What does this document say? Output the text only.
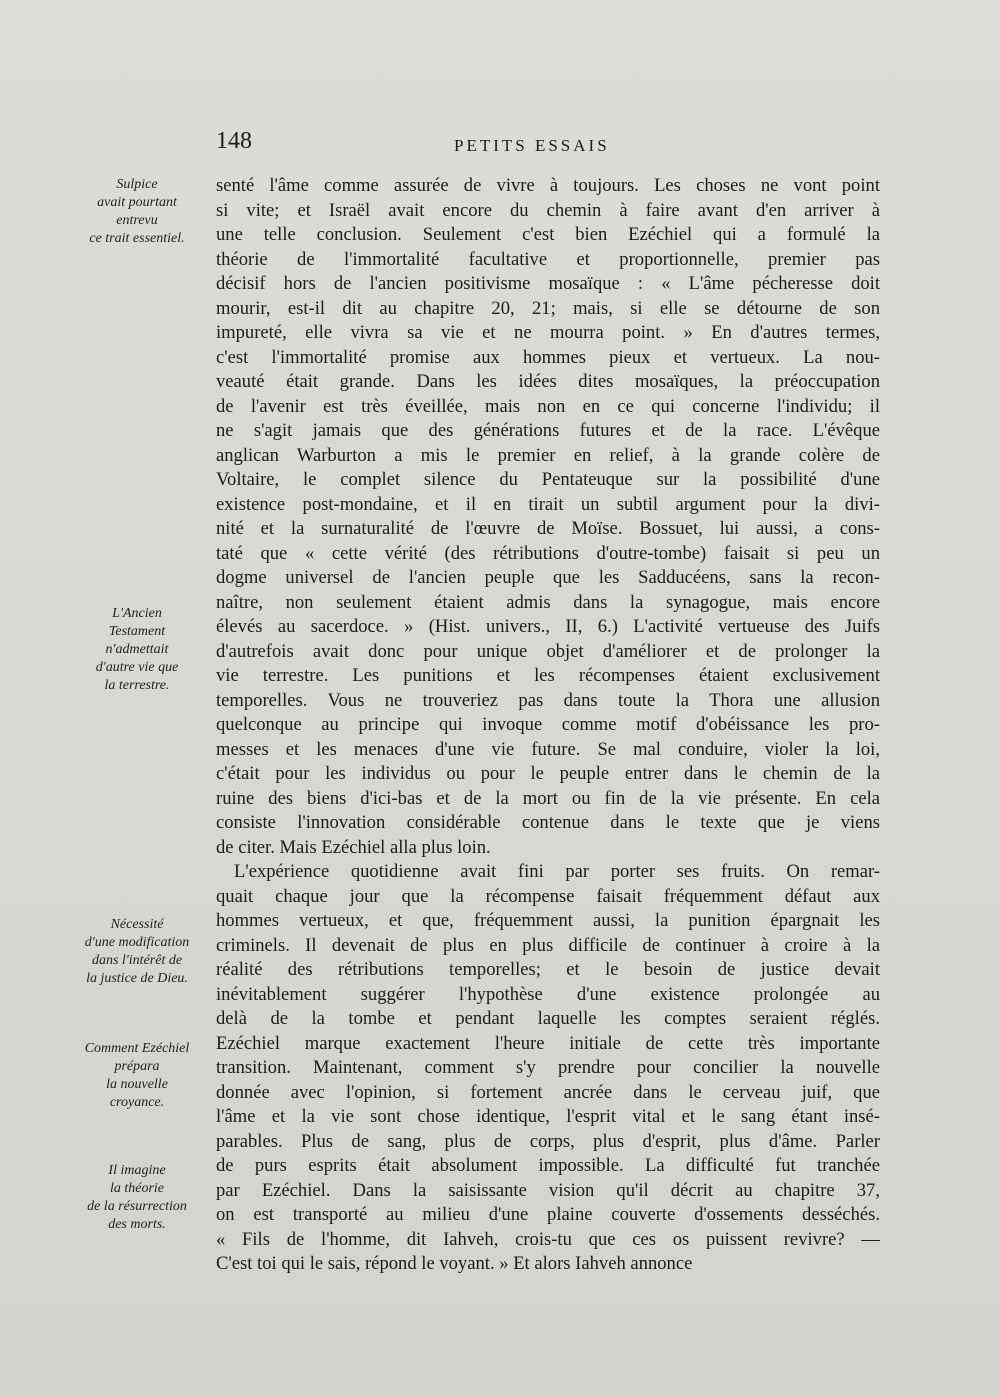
148	PETITS ESSAIS
Sulpice
avait pourtant
entrevu
ce trait essentiel.
L'Ancien
Testament
n'admettait
d'autre vie que
la terrestre.
Nécessité
d'une modification
dans l'intérêt de
la justice de Dieu.
Comment Ezéchiel
prépara
la nouvelle
croyance.
Il imagine
la théorie
de la résurrection
des morts.
senté l'âme comme assurée de vivre à toujours. Les choses ne vont point
si vite; et Israël avait encore du chemin à faire avant d'en arriver à
une telle conclusion. Seulement c'est bien Ezéchiel qui a formulé la
théorie de l'immortalité facultative et proportionnelle, premier pas
décisif hors de l'ancien positivisme mosaïque : « L'âme pécheresse doit
mourir, est-il dit au chapitre 20, 21; mais, si elle se détourne de son
impureté, elle vivra sa vie et ne mourra point. » En d'autres termes,
c'est l'immortalité promise aux hommes pieux et vertueux. La nou-
veauté était grande. Dans les idées dites mosaïques, la préoccupation
de l'avenir est très éveillée, mais non en ce qui concerne l'individu; il
ne s'agit jamais que des générations futures et de la race. L'évêque
anglican Warburton a mis le premier en relief, à la grande colère de
Voltaire, le complet silence du Pentateuque sur la possibilité d'une
existence post-mondaine, et il en tirait un subtil argument pour la divi-
nité et la surnaturalité de l'œuvre de Moïse. Bossuet, lui aussi, a cons-
taté que « cette vérité (des rétributions d'outre-tombe) faisait si peu un
dogme universel de l'ancien peuple que les Sadducéens, sans la recon-
naître, non seulement étaient admis dans la synagogue, mais encore
élevés au sacerdoce. » (Hist. univers., II, 6.) L'activité vertueuse des Juifs
d'autrefois avait donc pour unique objet d'améliorer et de prolonger la
vie terrestre. Les punitions et les récompenses étaient exclusivement
temporelles. Vous ne trouveriez pas dans toute la Thora une allusion
quelconque au principe qui invoque comme motif d'obéissance les pro-
messes et les menaces d'une vie future. Se mal conduire, violer la loi,
c'était pour les individus ou pour le peuple entrer dans le chemin de la
ruine des biens d'ici-bas et de la mort ou fin de la vie présente. En cela
consiste l'innovation considérable contenue dans le texte que je viens
de citer. Mais Ezéchiel alla plus loin.
L'expérience quotidienne avait fini par porter ses fruits. On remar-
quait chaque jour que la récompense faisait fréquemment défaut aux
hommes vertueux, et que, fréquemment aussi, la punition épargnait les
criminels. Il devenait de plus en plus difficile de continuer à croire à la
réalité des rétributions temporelles; et le besoin de justice devait
inévitablement suggérer l'hypothèse d'une existence prolongée au
delà de la tombe et pendant laquelle les comptes seraient réglés.
Ezéchiel marque exactement l'heure initiale de cette très importante
transition. Maintenant, comment s'y prendre pour concilier la nouvelle
donnée avec l'opinion, si fortement ancrée dans le cerveau juif, que
l'âme et la vie sont chose identique, l'esprit vital et le sang étant insé-
parables. Plus de sang, plus de corps, plus d'esprit, plus d'âme. Parler
de purs esprits était absolument impossible. La difficulté fut tranchée
par Ezéchiel. Dans la saisissante vision qu'il décrit au chapitre 37,
on est transporté au milieu d'une plaine couverte d'ossements desséchés.
« Fils de l'homme, dit Iahveh, crois-tu que ces os puissent revivre? —
C'est toi qui le sais, répond le voyant. » Et alors Iahveh annonce
